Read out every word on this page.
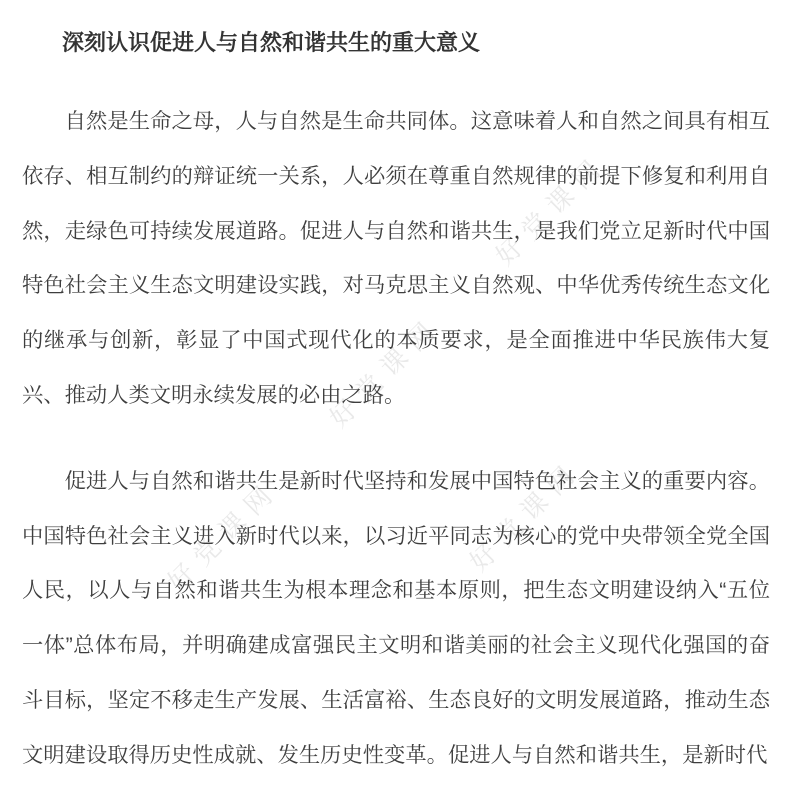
好党课网
好党课网
好党课网	好党课网
深刻认识促进人与自然和谐共生的重大意义

自然是生命之母，人与自然是生命共同体。这意味着人和自然之间具有相互依存、相互制约的辩证统一关系，人必须在尊重自然规律的前提下修复和利用自然，走绿色可持续发展道路。促进人与自然和谐共生，是我们党立足新时代中国特色社会主义生态文明建设实践，对马克思主义自然观、中华优秀传统生态文化的继承与创新，彰显了中国式现代化的本质要求，是全面推进中华民族伟大复兴、推动人类文明永续发展的必由之路。

促进人与自然和谐共生是新时代坚持和发展中国特色社会主义的重要内容。中国特色社会主义进入新时代以来，以习近平同志为核心的党中央带领全党全国人民，以人与自然和谐共生为根本理念和基本原则，把生态文明建设纳入“五位一体”总体布局，并明确建成富强民主文明和谐美丽的社会主义现代化强国的奋斗目标，坚定不移走生产发展、生活富裕、生态良好的文明发展道路，推动生态文明建设取得历史性成就、发生历史性变革。促进人与自然和谐共生，是新时代
